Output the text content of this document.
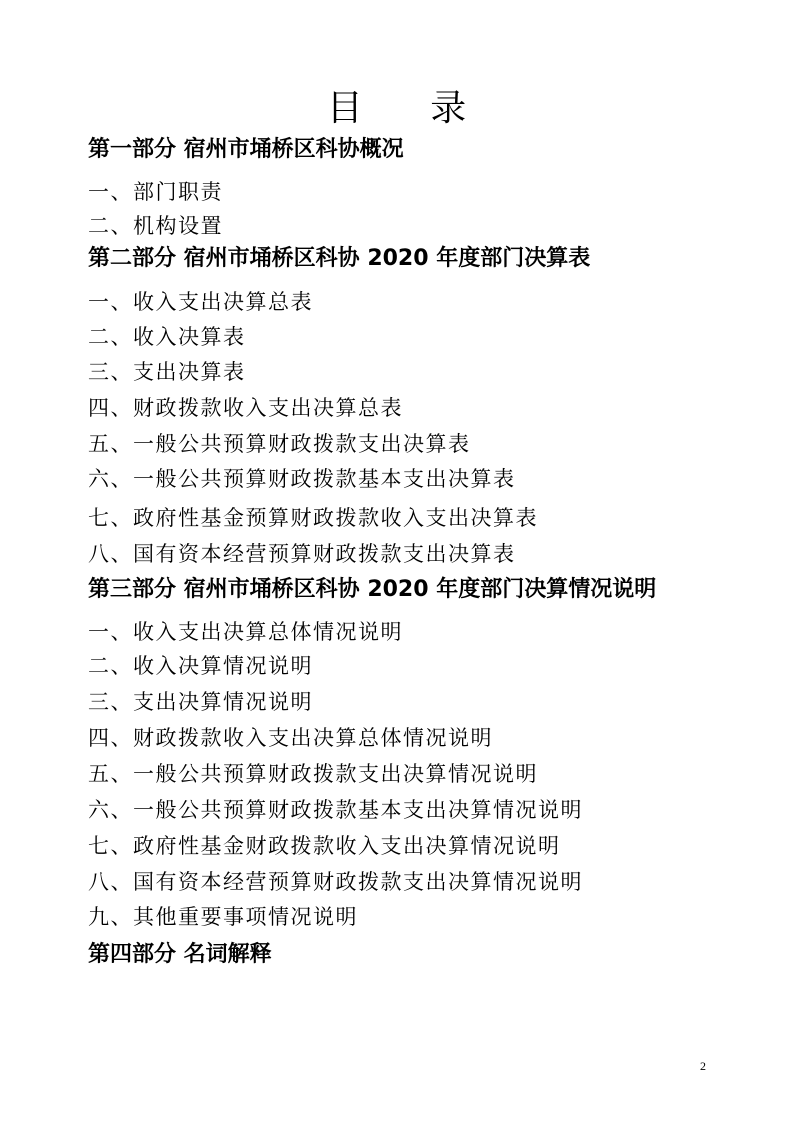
目 录
第一部分 宿州市埇桥区科协概况
一、部门职责
二、机构设置
第二部分 宿州市埇桥区科协 2020 年度部门决算表
一、收入支出决算总表
二、收入决算表
三、支出决算表
四、财政拨款收入支出决算总表
五、一般公共预算财政拨款支出决算表
六、一般公共预算财政拨款基本支出决算表
七、政府性基金预算财政拨款收入支出决算表
八、国有资本经营预算财政拨款支出决算表
第三部分 宿州市埇桥区科协 2020 年度部门决算情况说明
一、收入支出决算总体情况说明
二、收入决算情况说明
三、支出决算情况说明
四、财政拨款收入支出决算总体情况说明
五、一般公共预算财政拨款支出决算情况说明
六、一般公共预算财政拨款基本支出决算情况说明
七、政府性基金财政拨款收入支出决算情况说明
八、国有资本经营预算财政拨款支出决算情况说明
九、其他重要事项情况说明
第四部分 名词解释
2
